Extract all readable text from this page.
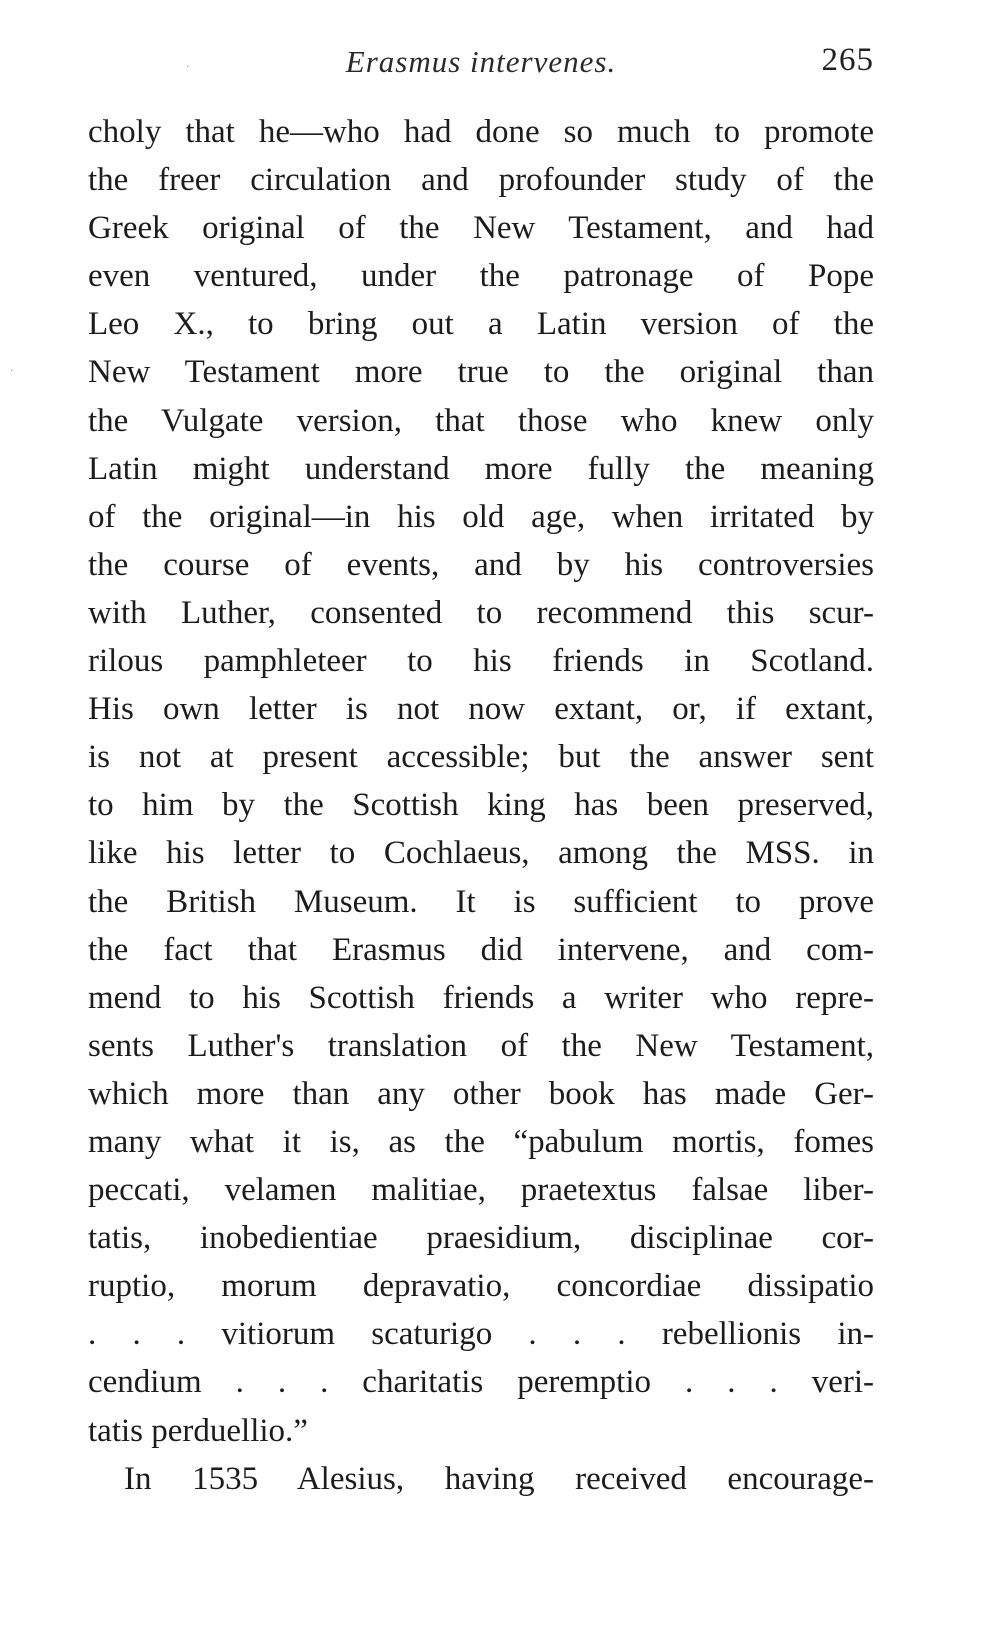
·
·	Erasmus intervenes.	265
choly that he—who had done so much to promote
the freer circulation and profounder study of the
Greek original of the New Testament, and had
even ventured, under the patronage of Pope
Leo X., to bring out a Latin version of the
New Testament more true to the original than
the Vulgate version, that those who knew only
Latin might understand more fully the meaning
of the original—in his old age, when irritated by
the course of events, and by his controversies
with Luther, consented to recommend this scur-
rilous pamphleteer to his friends in Scotland.
His own letter is not now extant, or, if extant,
is not at present accessible; but the answer sent
to him by the Scottish king has been preserved,
like his letter to Cochlaeus, among the MSS. in
the British Museum. It is sufficient to prove
the fact that Erasmus did intervene, and com-
mend to his Scottish friends a writer who repre-
sents Luther's translation of the New Testament,
which more than any other book has made Ger-
many what it is, as the “pabulum mortis, fomes
peccati, velamen malitiae, praetextus falsae liber-
tatis, inobedientiae praesidium, disciplinae cor-
ruptio, morum depravatio, concordiae dissipatio
. . . vitiorum scaturigo . . . rebellionis in-
cendium . . . charitatis peremptio . . . veri-
tatis perduellio.”
In 1535 Alesius, having received encourage-
